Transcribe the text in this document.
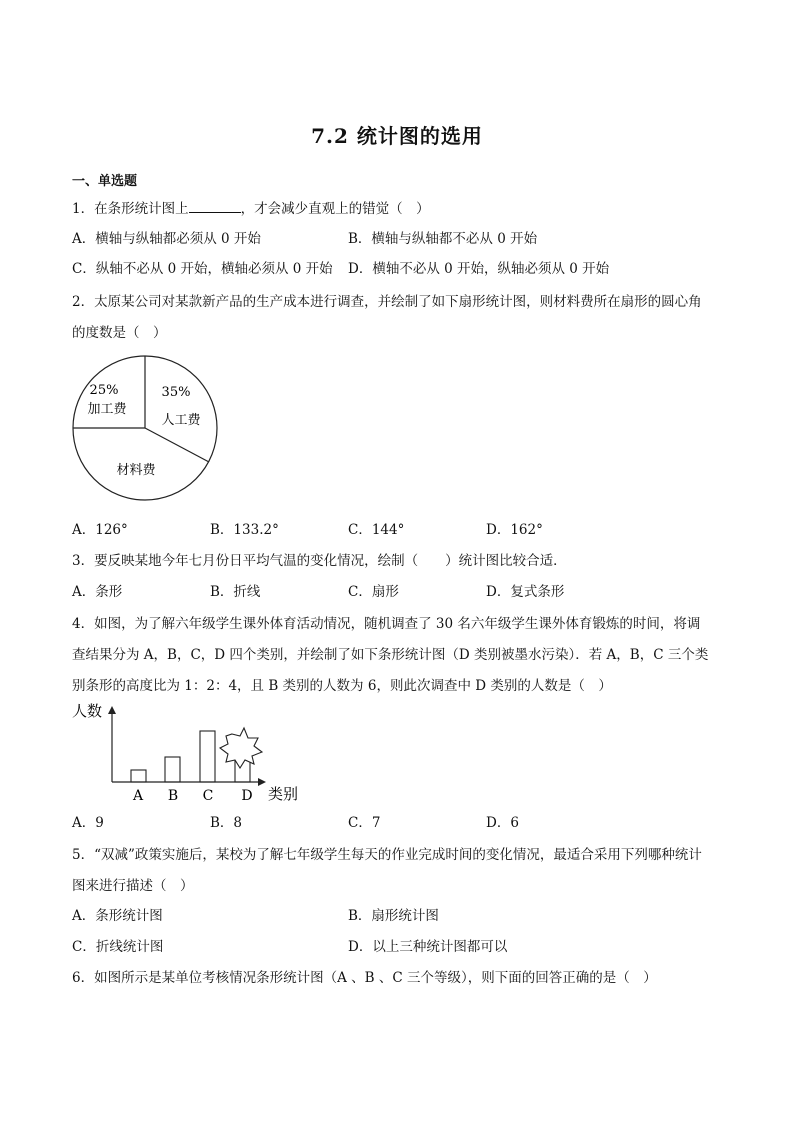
7.2 统计图的选用
一、单选题
1．在条形统计图上	，才会减少直观上的错觉（　）
A．横轴与纵轴都必须从 0 开始	B．横轴与纵轴都不必从 0 开始
C．纵轴不必从 0 开始，横轴必须从 0 开始 D．横轴不必从 0 开始，纵轴必须从 0 开始
2．太原某公司对某款新产品的生产成本进行调查，并绘制了如下扇形统计图，则材料费所在扇形的圆心角
的度数是（　）
25%
加工费
35%
人工费
材料费
A．126°	B．133.2°	C．144°	D．162°
3．要反映某地今年七月份日平均气温的变化情况，绘制（　　）统计图比较合适．
A．条形	B．折线	C．扇形	D．复式条形
4．如图，为了解六年级学生课外体育活动情况，随机调查了 30 名六年级学生课外体育锻炼的时间，将调
查结果分为 A，B，C，D 四个类别，并绘制了如下条形统计图（D 类别被墨水污染）．若 A，B，C 三个类
别条形的高度比为 1：2：4，且 B 类别的人数为 6，则此次调查中 D 类别的人数是（　）
人数
A B C D 类别
A．9	B．8	C．7	D．6
5．“双减”政策实施后，某校为了解七年级学生每天的作业完成时间的变化情况，最适合采用下列哪种统计
图来进行描述（　）
A．条形统计图	B．扇形统计图
C．折线统计图	D．以上三种统计图都可以
6．如图所示是某单位考核情况条形统计图（A 、B 、C 三个等级），则下面的回答正确的是（　）
